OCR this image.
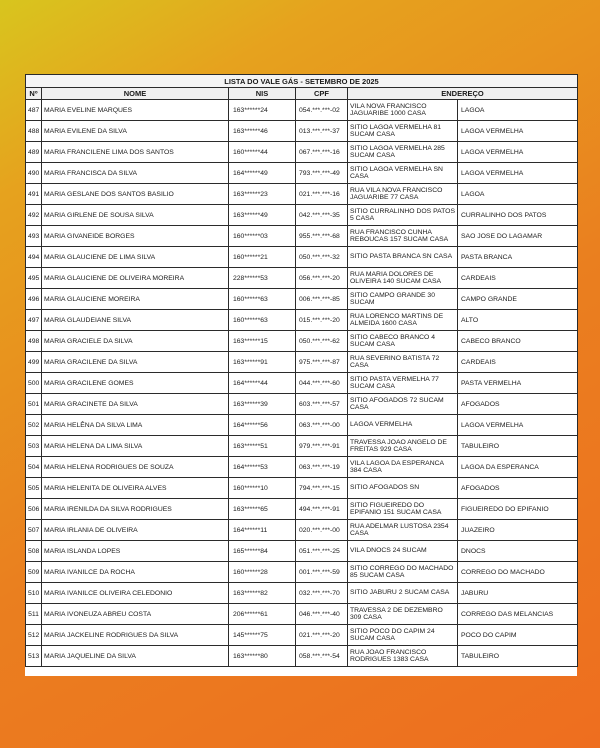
LISTA DO VALE GÁS - SETEMBRO DE 2025					
Nº	NOME	NIS	CPF	ENDEREÇO	
487	MARIA EVELINE MARQUES	163******24	054.***.***-02	VILA NOVA FRANCISCO JAGUARIBE 1000 CASA	LAGOA
488	MARIA EVILENE DA SILVA	163******46	013.***.***-37	SITIO LAGOA VERMELHA 81 SUCAM CASA	LAGOA VERMELHA
489	MARIA FRANCILENE LIMA DOS SANTOS	160******44	067.***.***-16	SITIO LAGOA VERMELHA 285 SUCAM CASA	LAGOA VERMELHA
490	MARIA FRANCISCA DA SILVA	164******49	793.***.***-49	SITIO LAGOA VERMELHA SN CASA	LAGOA VERMELHA
491	MARIA GESLANE DOS SANTOS BASILIO	163******23	021.***.***-16	RUA VILA NOVA FRANCISCO JAGUARIBE 77 CASA	LAGOA
492	MARIA GIRLENE DE SOUSA SILVA	163******49	042.***.***-35	SITIO CURRALINHO DOS PATOS 5 CASA	CURRALINHO DOS PATOS
493	MARIA GIVANEIDE BORGES	160******03	955.***.***-68	RUA FRANCISCO CUNHA REBOUCAS 157 SUCAM CASA	SAO JOSE DO LAGAMAR
494	MARIA GLAUCIENE DE LIMA SILVA	160******21	050.***.***-32	SITIO PASTA BRANCA SN CASA	PASTA BRANCA
495	MARIA GLAUCIENE DE OLIVEIRA MOREIRA	228******53	056.***.***-20	RUA MARIA DOLORES DE OLIVEIRA 140 SUCAM CASA	CARDEAIS
496	MARIA GLAUCIENE MOREIRA	160******63	006.***.***-85	SITIO CAMPO GRANDE 30 SUCAM	CAMPO GRANDE
497	MARIA GLAUDEIANE SILVA	160******63	015.***.***-20	RUA LORENCO MARTINS DE ALMEIDA 1600 CASA	ALTO
498	MARIA GRACIELE DA SILVA	163******15	050.***.***-62	SITIO CABECO BRANCO 4 SUCAM CASA	CABECO BRANCO
499	MARIA GRACILENE DA SILVA	163******91	975.***.***-87	RUA SEVERINO BATISTA 72 CASA	CARDEAIS
500	MARIA GRACILENE GOMES	164******44	044.***.***-60	SITIO PASTA VERMELHA 77 SUCAM CASA	PASTA VERMELHA
501	MARIA GRACINETE DA SILVA	163******39	603.***.***-57	SITIO AFOGADOS 72 SUCAM CASA	AFOGADOS
502	MARIA HELÊNA DA SILVA LIMA	164******56	063.***.***-00	LAGOA VERMELHA	LAGOA VERMELHA
503	MARIA HELENA DA LIMA SILVA	163******51	979.***.***-91	TRAVESSA JOAO ANGELO DE FREITAS 929 CASA	TABULEIRO
504	MARIA HELENA RODRIGUES DE SOUZA	164******53	063.***.***-19	VILA LAGOA DA ESPERANCA 384 CASA	LAGOA DA ESPERANCA
505	MARIA HELENITA DE OLIVEIRA ALVES	160******10	794.***.***-15	SITIO AFOGADOS SN	AFOGADOS
506	MARIA IRENILDA DA SILVA RODRIGUES	163******65	494.***.***-91	SITIO FIGUEIREDO DO EPIFANIO 151 SUCAM CASA	FIGUEIREDO DO EPIFANIO
507	MARIA IRLANIA DE OLIVEIRA	164******11	020.***.***-00	RUA ADELMAR LUSTOSA 2354 CASA	JUAZEIRO
508	MARIA ISLANDA LOPES	165******84	051.***.***-25	VILA DNOCS 24 SUCAM	DNOCS
509	MARIA IVANILCE DA ROCHA	160******28	001.***.***-59	SITIO CORREGO DO MACHADO 85 SUCAM CASA	CORREGO DO MACHADO
510	MARIA IVANILCE OLIVEIRA CELEDONIO	163******82	032.***.***-70	SITIO JABURU 2 SUCAM CASA	JABURU
511	MARIA IVONEUZA ABREU COSTA	206******61	046.***.***-40	TRAVESSA 2 DE DEZEMBRO 309 CASA	CORREGO DAS MELANCIAS
512	MARIA JACKELINE RODRIGUES DA SILVA	145******75	021.***.***-20	SITIO POCO DO CAPIM 24 SUCAM CASA	POCO DO CAPIM
513	MARIA JAQUELINE DA SILVA	163******80	058.***.***-54	RUA JOAO FRANCISCO RODRIGUES 1383 CASA	TABULEIRO
